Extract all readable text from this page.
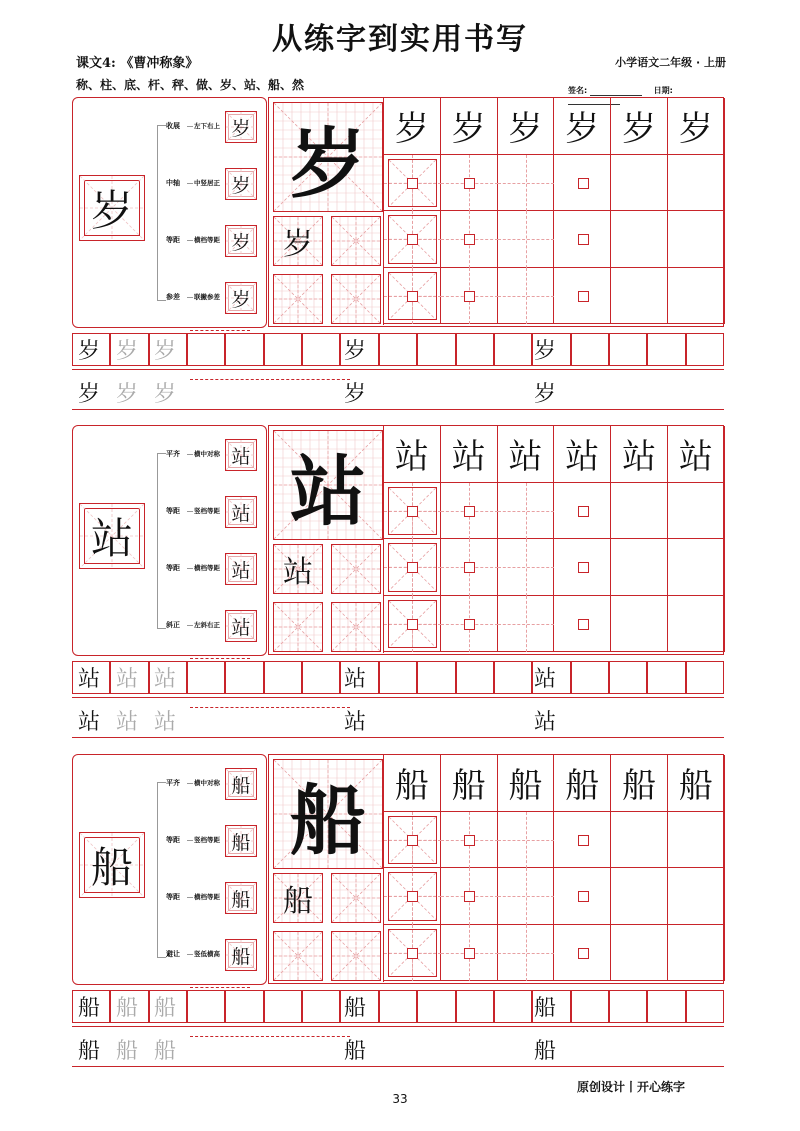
从练字到实用书写
课文4: 《曹冲称象》	小学语文二年级 · 上册
称、柱、底、杆、秤、做、岁、站、船、然	签名:	日期:
岁
收展 左下右上 岁
中轴 中竖居正 岁
等距 横档等距 岁
参差 联撇参差 岁
岁
岁
岁 岁 岁 岁 岁 岁
岁 岁 岁	岁	岁
岁 岁 岁	岁	岁
站
平齐 横中对称 站
等距 竖档等距 站
等距 横档等距 站
斜正 左斜右正 站
站
站
站 站 站 站 站 站
站 站 站	站	站
站 站 站	站	站
船
平齐 横中对称 船
等距 竖档等距 船
等距 横档等距 船
避让 竖低横高 船
船
船
船 船 船 船 船 船
船 船 船	船	船
船 船 船	船	船
原创设计丨开心练字
33
